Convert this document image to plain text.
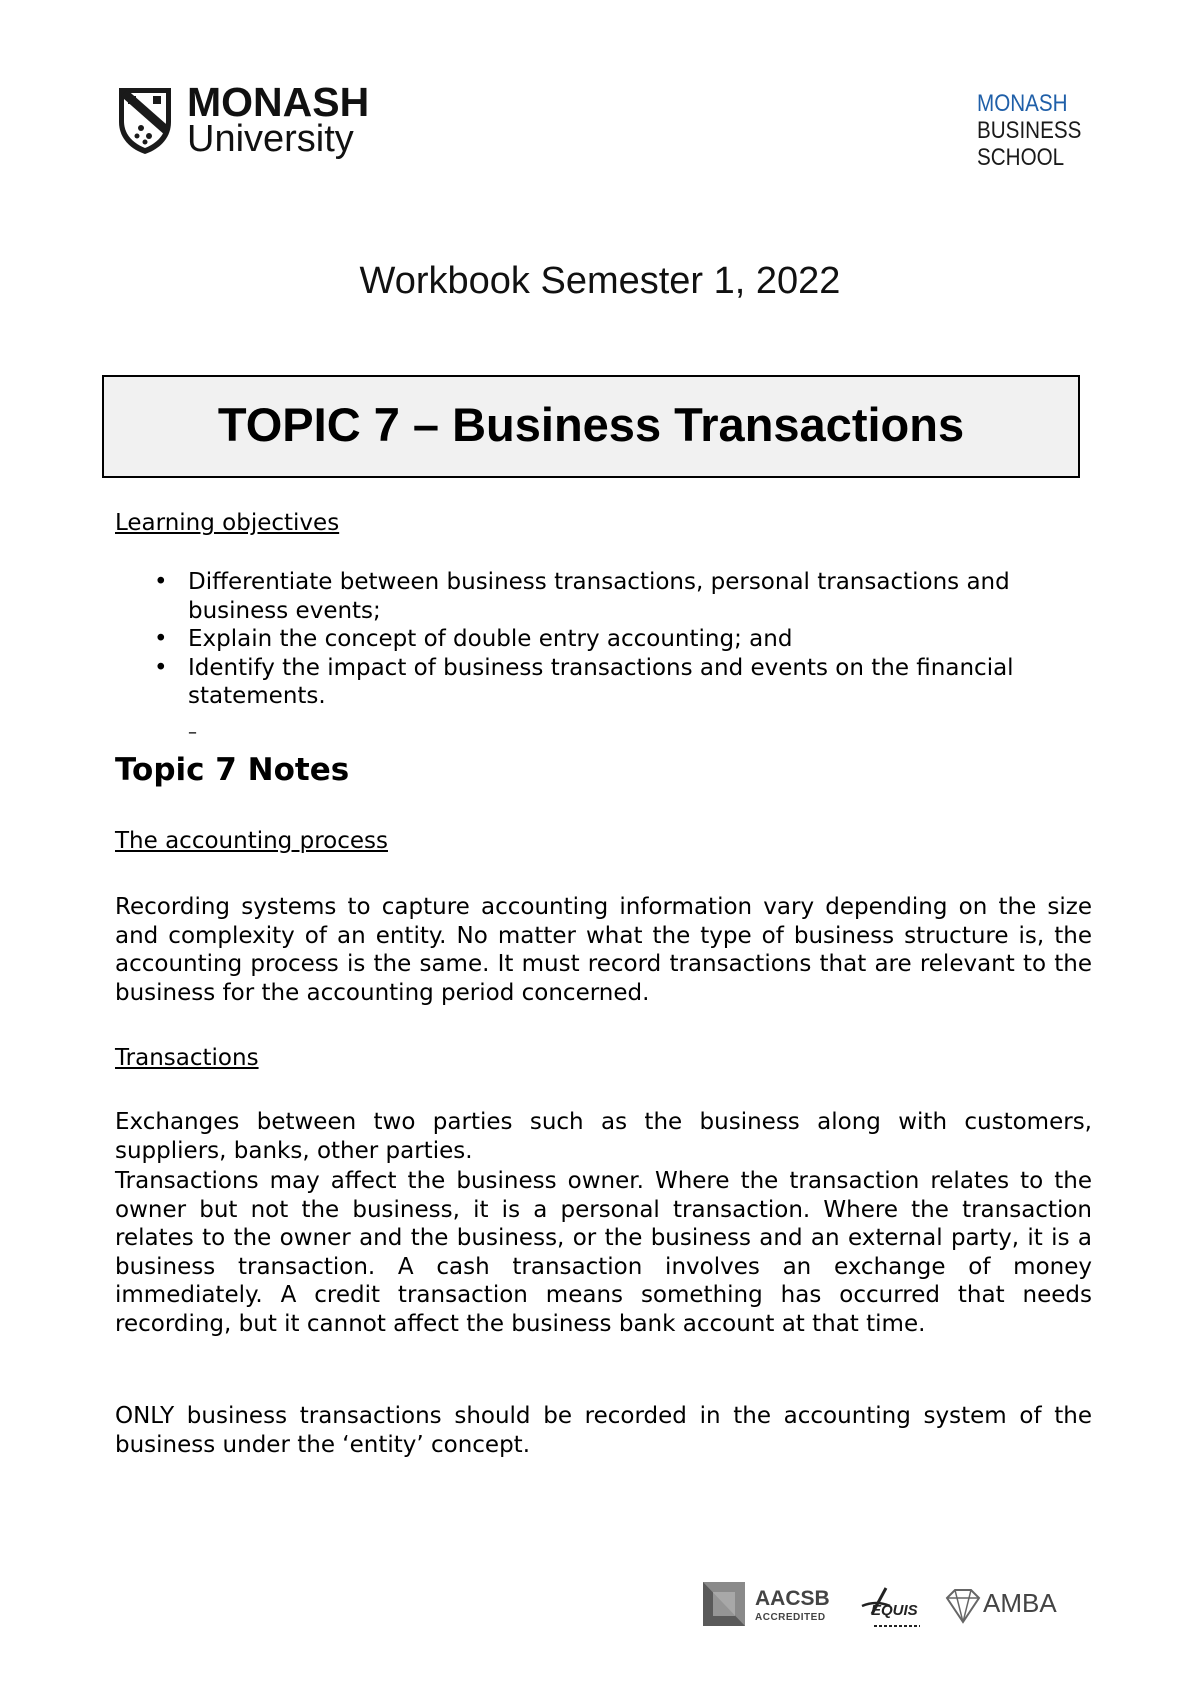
MONASH
University
MONASH
BUSINESS
SCHOOL
Workbook Semester 1, 2022
TOPIC 7 – Business Transactions
Learning objectives
• Differentiate between business transactions, personal transactions and business events;
• Explain the concept of double entry accounting; and
• Identify the impact of business transactions and events on the financial statements.
–
Topic 7 Notes
The accounting process

Recording systems to capture accounting information vary depending on the size and complexity of an entity. No matter what the type of business structure is, the accounting process is the same. It must record transactions that are relevant to the business for the accounting period concerned.

Transactions

Exchanges between two parties such as the business along with customers, suppliers, banks, other parties.

Transactions may affect the business owner. Where the transaction relates to the owner but not the business, it is a personal transaction. Where the transaction relates to the owner and the business, or the business and an external party, it is a business transaction. A cash transaction involves an exchange of money immediately. A credit transaction means something has occurred that needs recording, but it cannot affect the business bank account at that time.

ONLY business transactions should be recorded in the accounting system of the business under the ‘entity’ concept.

AACSB
ACCREDITED	EQUIS	AMBA
